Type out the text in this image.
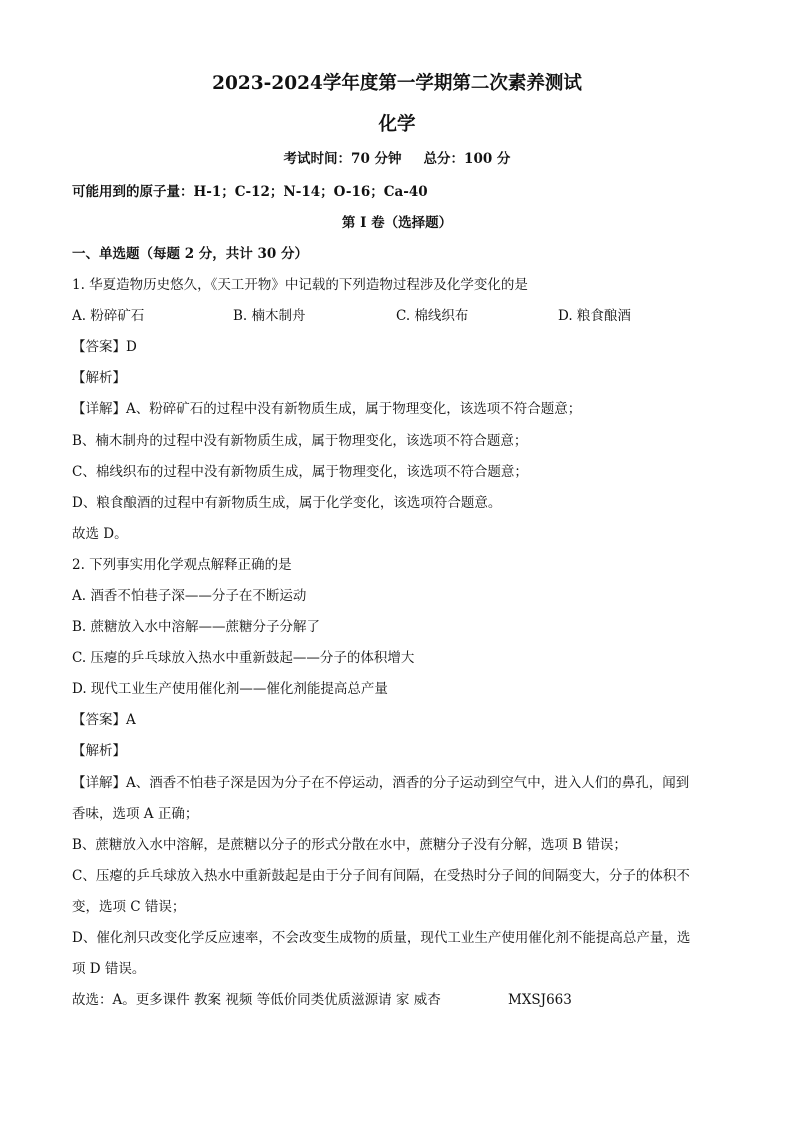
2023-2024学年度第一学期第二次素养测试
化学
考试时间：70 分钟 总分：100 分
可能用到的原子量：H-1；C-12；N-14；O-16；Ca-40
第 I 卷（选择题）
一、单选题（每题 2 分，共计 30 分）
1. 华夏造物历史悠久，《天工开物》中记载的下列造物过程涉及化学变化的是
A. 粉碎矿石	B. 楠木制舟	C. 棉线织布	D. 粮食酿酒
【答案】D
【解析】
【详解】A、粉碎矿石的过程中没有新物质生成，属于物理变化，该选项不符合题意；
B、楠木制舟的过程中没有新物质生成，属于物理变化，该选项不符合题意；
C、棉线织布的过程中没有新物质生成，属于物理变化，该选项不符合题意；
D、粮食酿酒的过程中有新物质生成，属于化学变化，该选项符合题意。
故选 D。
2. 下列事实用化学观点解释正确的是
A. 酒香不怕巷子深——分子在不断运动
B. 蔗糖放入水中溶解——蔗糖分子分解了
C. 压瘪的乒乓球放入热水中重新鼓起——分子的体积增大
D. 现代工业生产使用催化剂——催化剂能提高总产量
【答案】A
【解析】
【详解】A、酒香不怕巷子深是因为分子在不停运动，酒香的分子运动到空气中，进入人们的鼻孔，闻到
香味，选项 A 正确；
B、蔗糖放入水中溶解，是蔗糖以分子的形式分散在水中，蔗糖分子没有分解，选项 B 错误；
C、压瘪的乒乓球放入热水中重新鼓起是由于分子间有间隔，在受热时分子间的间隔变大，分子的体积不
变，选项 C 错误；
D、催化剂只改变化学反应速率，不会改变生成物的质量，现代工业生产使用催化剂不能提高总产量，选
项 D 错误。
故选：A。更多课件 教案 视频 等低价同类优质滋源请 家 威杏	MXSJ663
